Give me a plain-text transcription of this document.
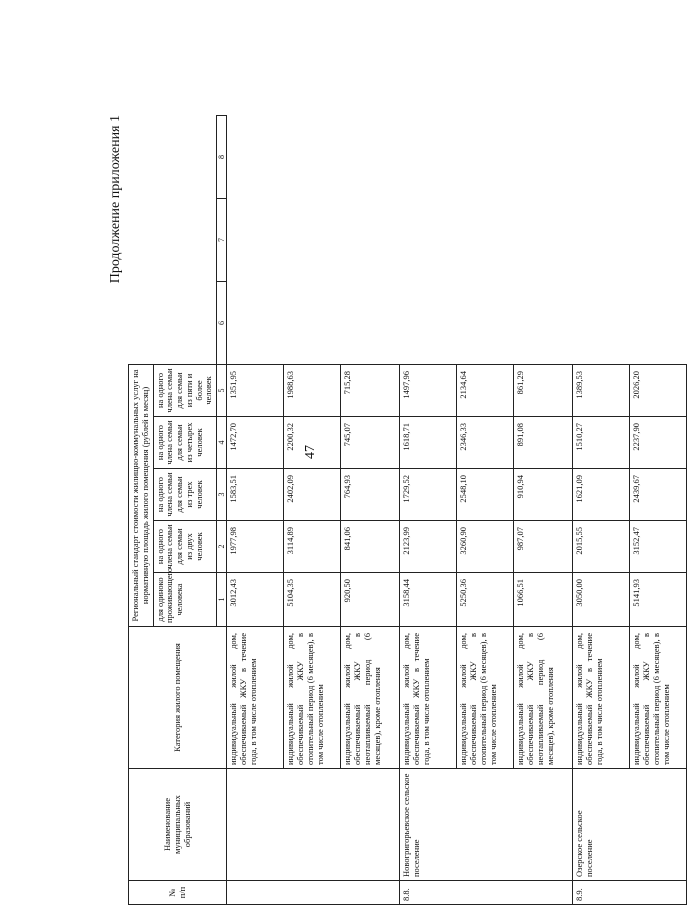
47
Продолжение приложения 1
№ п/п	Наименование муниципальных образований	Категория жилого помещения	Региональный стандарт стоимости жилищно-коммунальных услуг на нормативную площадь жилого помещения (рублей в месяц)							
			для одиноко проживающего человека	на одного члена семьи для семьи из двух человек	на одного члена семьи для семьи из трех человек	на одного члена семьи для семьи из четырех человек	на одного члена семьи для семьи из пяти и более человек			
			1	2	3	4	5	6	7	8
		индивидуальный жилой дом, обеспечиваемый ЖКУ в течение года, в том числе отоплением	3012,43	1977,98	1583,51	1472,70	1351,95			
		индивидуальный жилой дом, обеспечиваемый ЖКУ в отопительный период (6 месяцев), в том числе отоплением	5104,35	3114,89	2402,09	2200,32	1988,63			
		индивидуальный жилой дом, обеспечиваемый ЖКУ в неотапливаемый период (6 месяцев), кроме отопления	920,50	841,06	764,93	745,07	715,28			
8.8.	Новогригорьевское сельское поселение	индивидуальный жилой дом, обеспечиваемый ЖКУ в течение года, в том числе отоплением	3158,44	2123,99	1729,52	1618,71	1497,96			
		индивидуальный жилой дом, обеспечиваемый ЖКУ в отопительный период (6 месяцев), в том числе отоплением	5250,36	3260,90	2548,10	2346,33	2134,64			
		индивидуальный жилой дом, обеспечиваемый ЖКУ в неотапливаемый период (6 месяцев), кроме отопления	1066,51	987,07	910,94	891,08	861,29			
8.9.	Озерское сельское поселение	индивидуальный жилой дом, обеспечиваемый ЖКУ в течение года, в том числе отоплением	3050,00	2015,55	1621,09	1510,27	1389,53			
		индивидуальный жилой дом, обеспечиваемый ЖКУ в отопительный период (6 месяцев), в том числе отоплением	5141,93	3152,47	2439,67	2237,90	2026,20			
